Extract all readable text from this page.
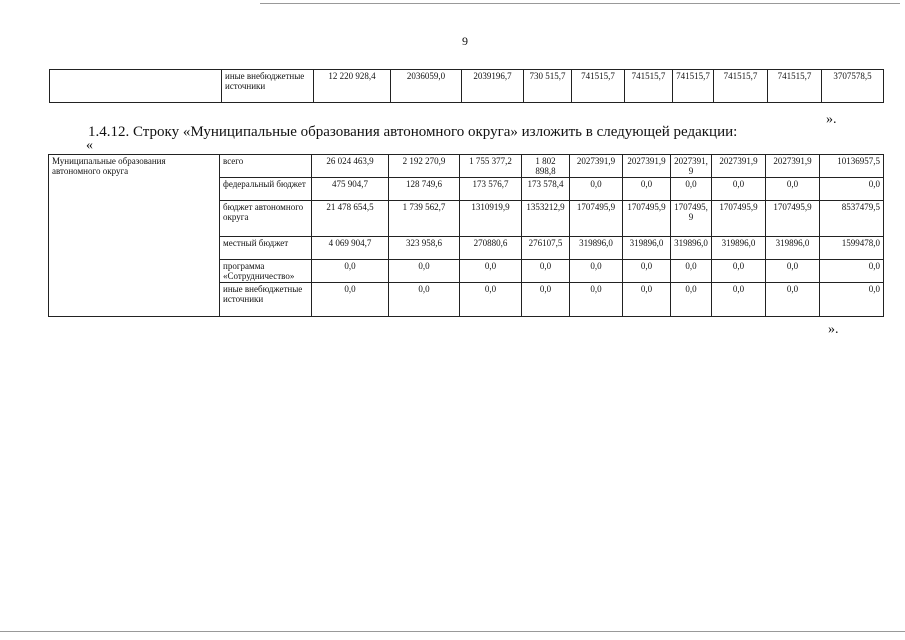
9
	иные внебюджетные источники	12 220 928,4	2036059,0	2039196,7	730 515,7	741515,7	741515,7	741515,7	741515,7	741515,7	3707578,5
».
1.4.12. Строку «Муниципальные образования автономного округа» изложить в следующей редакции:
«
Муниципальные образования автономного округа	всего	26 024 463,9	2 192 270,9	1 755 377,2	1 802 898,8	2027391,9	2027391,9	2027391,9	2027391,9	2027391,9	10136957,5
	федеральный бюджет	475 904,7	128 749,6	173 576,7	173 578,4	0,0	0,0	0,0	0,0	0,0	0,0
	бюджет автономного округа	21 478 654,5	1 739 562,7	1310919,9	1353212,9	1707495,9	1707495,9	1707495,9	1707495,9	1707495,9	8537479,5
	местный бюджет	4 069 904,7	323 958,6	270880,6	276107,5	319896,0	319896,0	319896,0	319896,0	319896,0	1599478,0
	программа «Сотрудничество»	0,0	0,0	0,0	0,0	0,0	0,0	0,0	0,0	0,0	0,0
	иные внебюджетные источники	0,0	0,0	0,0	0,0	0,0	0,0	0,0	0,0	0,0	0,0
».
